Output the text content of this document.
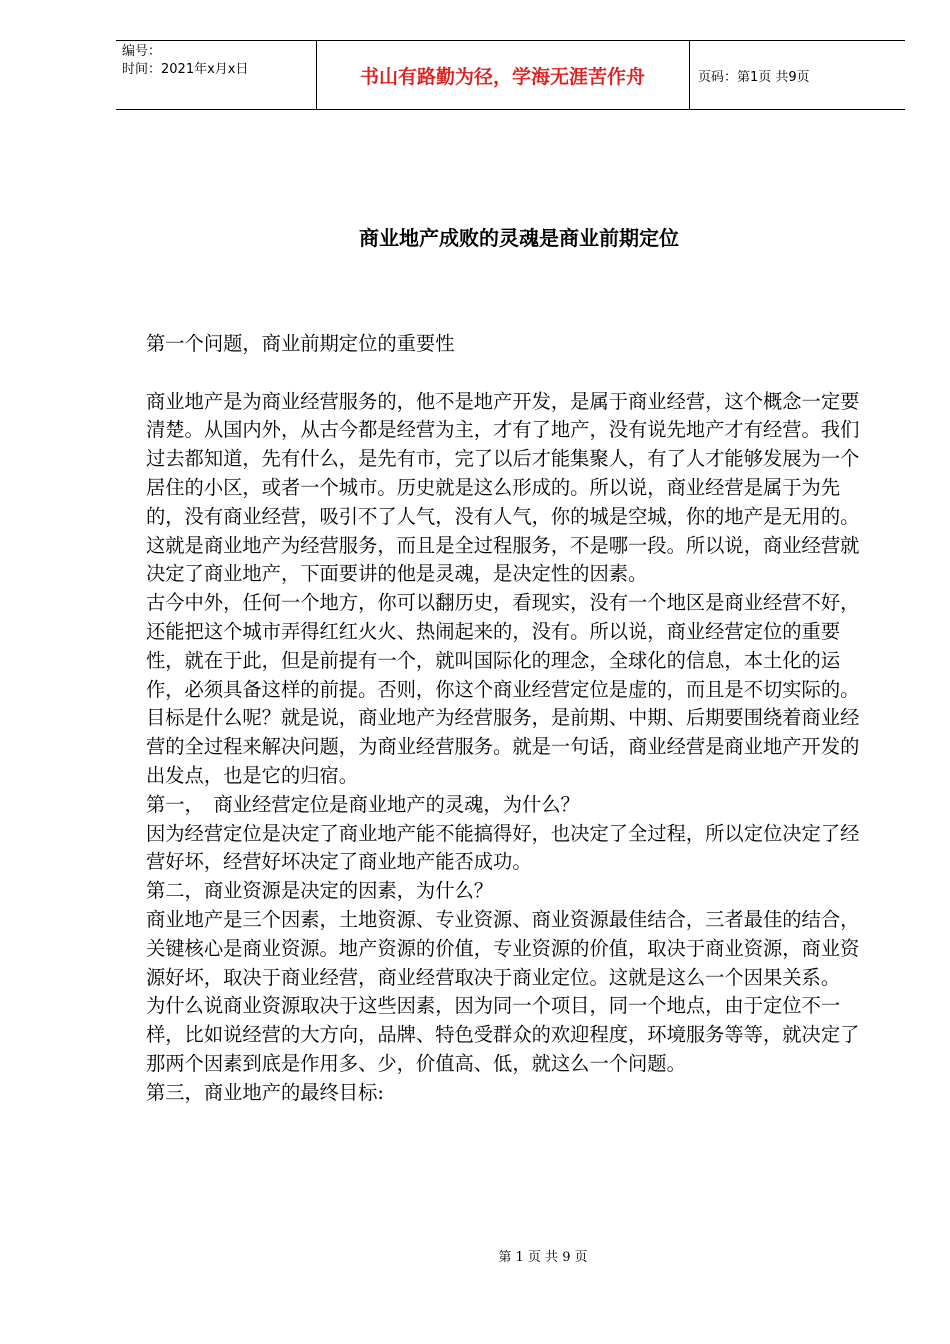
编号：
时间：2021年x月x日	书山有路勤为径，学海无涯苦作舟	页码：第1页 共9页
商业地产成败的灵魂是商业前期定位

第一个问题，商业前期定位的重要性

商业地产是为商业经营服务的，他不是地产开发，是属于商业经营，这个概念一定要清楚。从国内外，从古今都是经营为主，才有了地产，没有说先地产才有经营。我们过去都知道，先有什么，是先有市，完了以后才能集聚人，有了人才能够发展为一个居住的小区，或者一个城市。历史就是这么形成的。所以说，商业经营是属于为先的，没有商业经营，吸引不了人气，没有人气，你的城是空城，你的地产是无用的。这就是商业地产为经营服务，而且是全过程服务，不是哪一段。所以说，商业经营就决定了商业地产，下面要讲的他是灵魂，是决定性的因素。

古今中外，任何一个地方，你可以翻历史，看现实，没有一个地区是商业经营不好，还能把这个城市弄得红红火火、热闹起来的，没有。所以说，商业经营定位的重要性，就在于此，但是前提有一个，就叫国际化的理念，全球化的信息，本土化的运作，必须具备这样的前提。否则，你这个商业经营定位是虚的，而且是不切实际的。

目标是什么呢？就是说，商业地产为经营服务，是前期、中期、后期要围绕着商业经营的全过程来解决问题，为商业经营服务。就是一句话，商业经营是商业地产开发的出发点，也是它的归宿。

第一，　商业经营定位是商业地产的灵魂，为什么？

因为经营定位是决定了商业地产能不能搞得好，也决定了全过程，所以定位决定了经营好坏，经营好坏决定了商业地产能否成功。

第二，商业资源是决定的因素，为什么？

商业地产是三个因素，土地资源、专业资源、商业资源最佳结合，三者最佳的结合，关键核心是商业资源。地产资源的价值，专业资源的价值，取决于商业资源，商业资源好坏，取决于商业经营，商业经营取决于商业定位。这就是这么一个因果关系。

为什么说商业资源取决于这些因素，因为同一个项目，同一个地点，由于定位不一样，比如说经营的大方向，品牌、特色受群众的欢迎程度，环境服务等等，就决定了那两个因素到底是作用多、少，价值高、低，就这么一个问题。

第三，商业地产的最终目标:

第 1 页 共 9 页
